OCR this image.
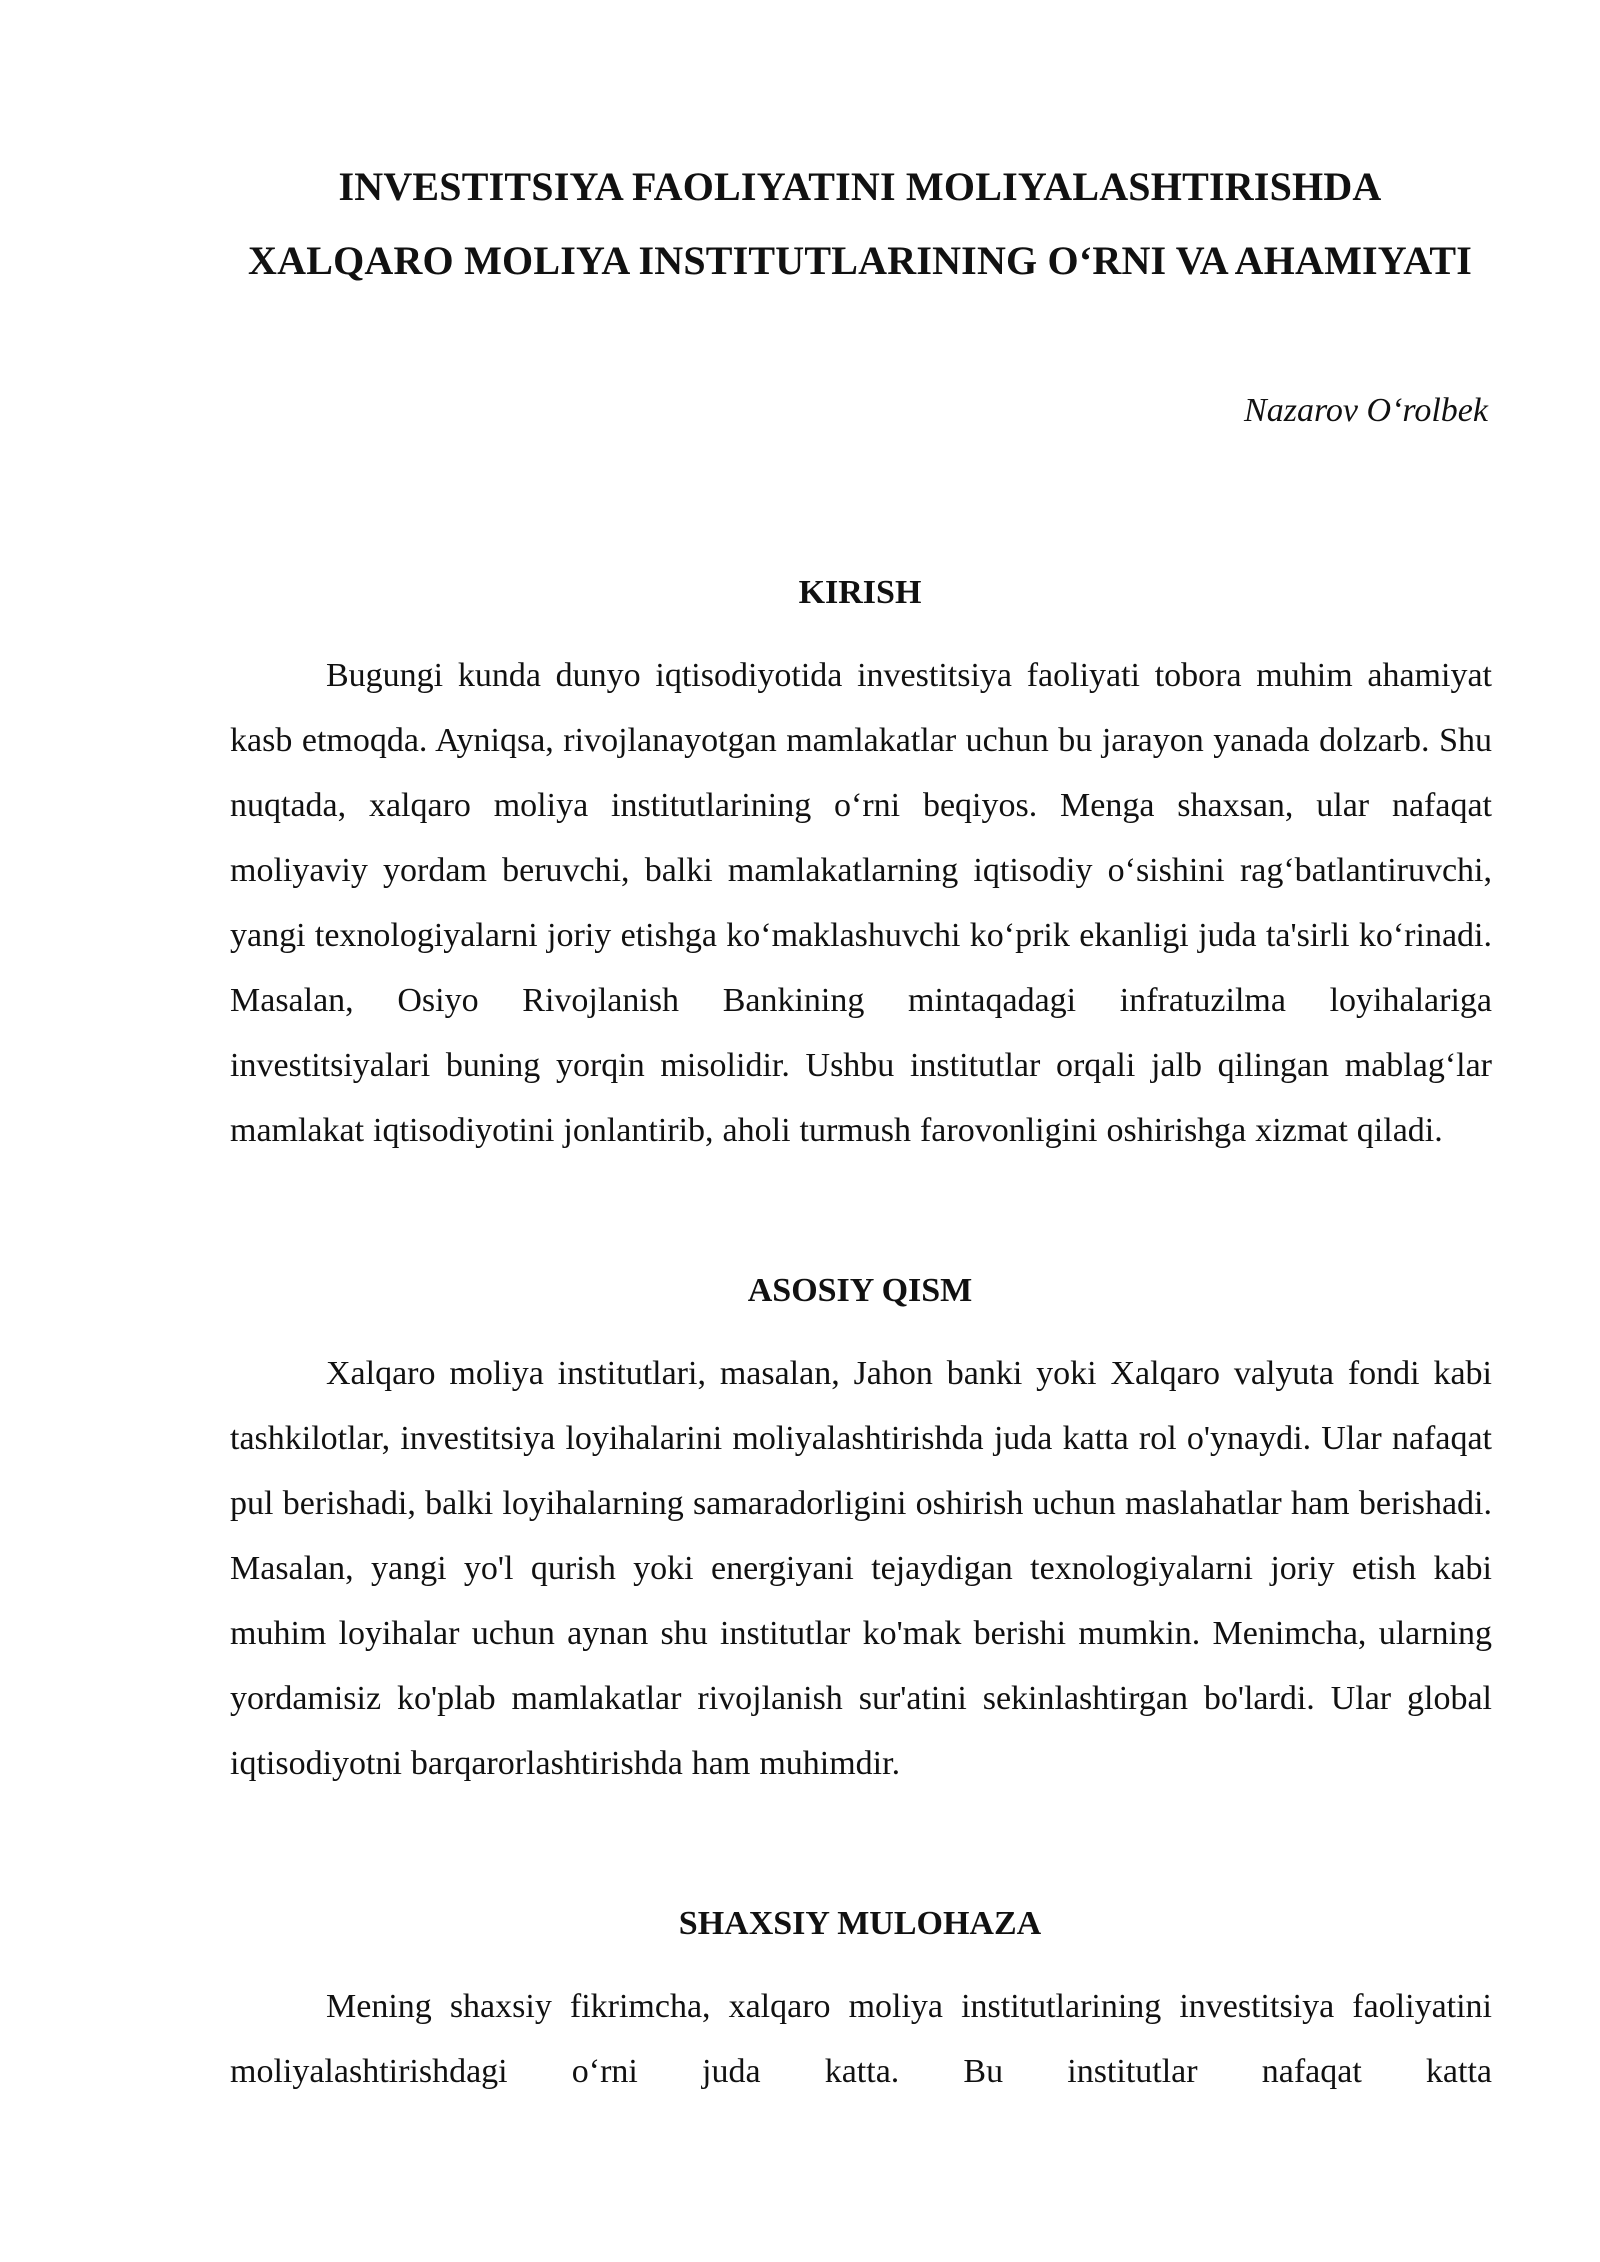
INVESTITSIYA FAOLIYATINI MOLIYALASHTIRISHDA XALQARO MOLIYA INSTITUTLARINING O‘RNI VA AHAMIYATI

Nazarov O‘rolbek

KIRISH

Bugungi kunda dunyo iqtisodiyotida investitsiya faoliyati tobora muhim ahamiyat kasb etmoqda. Ayniqsa, rivojlanayotgan mamlakatlar uchun bu jarayon yanada dolzarb. Shu nuqtada, xalqaro moliya institutlarining o‘rni beqiyos. Menga shaxsan, ular nafaqat moliyaviy yordam beruvchi, balki mamlakatlarning iqtisodiy o‘sishini rag‘batlantiruvchi, yangi texnologiyalarni joriy etishga ko‘maklashuvchi ko‘prik ekanligi juda ta'sirli ko‘rinadi. Masalan, Osiyo Rivojlanish Bankining mintaqadagi infratuzilma loyihalariga investitsiyalari buning yorqin misolidir. Ushbu institutlar orqali jalb qilingan mablag‘lar mamlakat iqtisodiyotini jonlantirib, aholi turmush farovonligini oshirishga xizmat qiladi.

ASOSIY QISM

Xalqaro moliya institutlari, masalan, Jahon banki yoki Xalqaro valyuta fondi kabi tashkilotlar, investitsiya loyihalarini moliyalashtirishda juda katta rol o'ynaydi. Ular nafaqat pul berishadi, balki loyihalarning samaradorligini oshirish uchun maslahatlar ham berishadi. Masalan, yangi yo'l qurish yoki energiyani tejaydigan texnologiyalarni joriy etish kabi muhim loyihalar uchun aynan shu institutlar ko'mak berishi mumkin. Menimcha, ularning yordamisiz ko'plab mamlakatlar rivojlanish sur'atini sekinlashtirgan bo'lardi. Ular global iqtisodiyotni barqarorlashtirishda ham muhimdir.

SHAXSIY MULOHAZA

Mening shaxsiy fikrimcha, xalqaro moliya institutlarining investitsiya faoliyatini moliyalashtirishdagi o‘rni juda katta. Bu institutlar nafaqat katta
